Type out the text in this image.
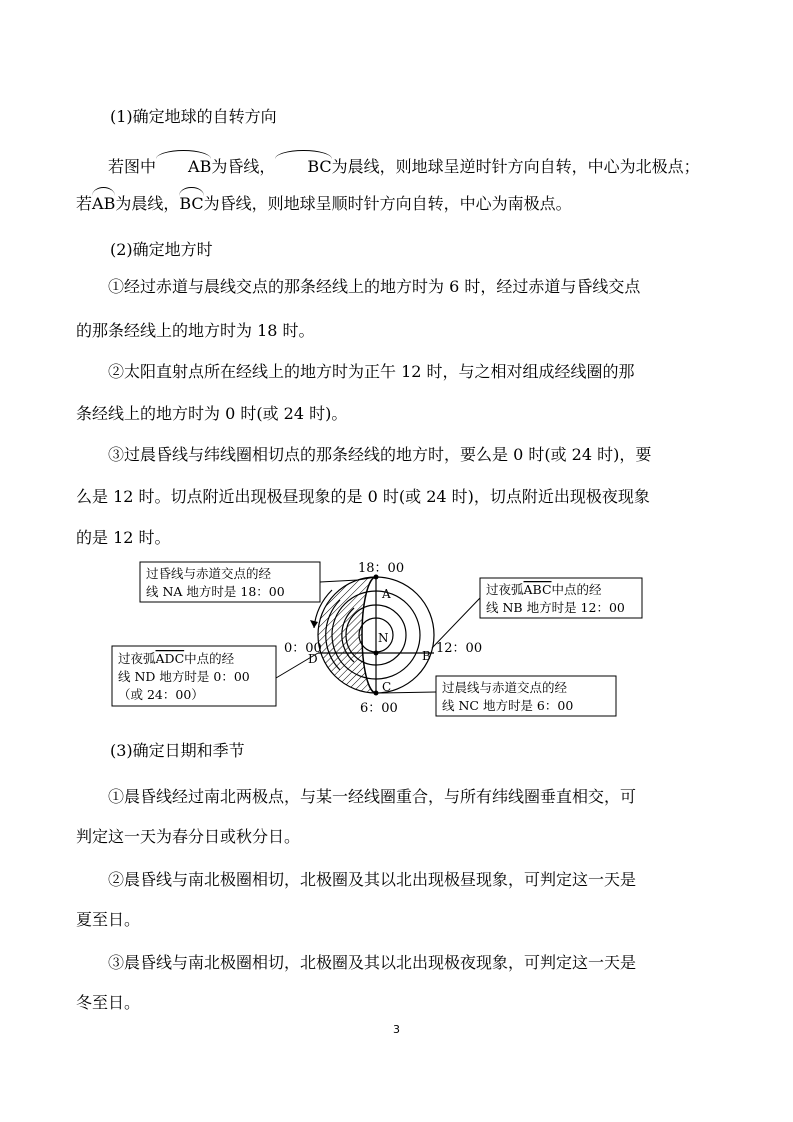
(1)确定地球的自转方向

若图中 AB为昏线， BC为晨线，则地球呈逆时针方向自转，中心为北极点；

若AB为晨线，BC为昏线，则地球呈顺时针方向自转，中心为南极点。

(2)确定地方时

①经过赤道与晨线交点的那条经线上的地方时为 6 时，经过赤道与昏线交点

的那条经线上的地方时为 18 时。

②太阳直射点所在经线上的地方时为正午 12 时，与之相对组成经线圈的那

条经线上的地方时为 0 时(或 24 时)。

③过晨昏线与纬线圈相切点的那条经线的地方时，要么是 0 时(或 24 时)，要

么是 12 时。切点附近出现极昼现象的是 0 时(或 24 时)，切点附近出现极夜现象

的是 12 时。

A
B
C
D
N
18：00
12：00
0：00
6：00
过昏线与赤道交点的经
线 NA 地方时是 18：00	过夜弧ABC中点的经
线 NB 地方时是 12：00
过夜弧ADC中点的经
线 ND 地方时是 0：00
（或 24：00）	过晨线与赤道交点的经
线 NC 地方时是 6：00

(3)确定日期和季节

①晨昏线经过南北两极点，与某一经线圈重合，与所有纬线圈垂直相交，可

判定这一天为春分日或秋分日。

②晨昏线与南北极圈相切，北极圈及其以北出现极昼现象，可判定这一天是

夏至日。

③晨昏线与南北极圈相切，北极圈及其以北出现极夜现象，可判定这一天是

冬至日。

3
